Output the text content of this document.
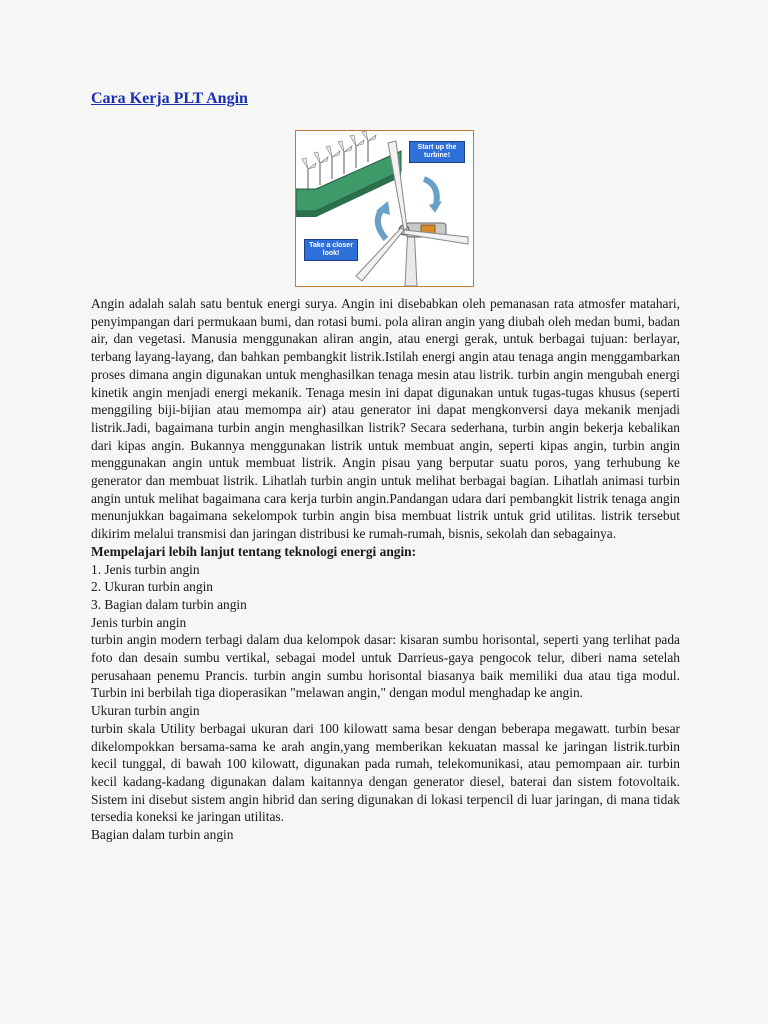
Cara Kerja PLT Angin
Start up the turbine!
Take a closer look!

Angin adalah salah satu bentuk energi surya. Angin ini disebabkan oleh pemanasan rata atmosfer matahari, penyimpangan dari permukaan bumi, dan rotasi bumi. pola aliran angin yang diubah oleh medan bumi, badan air, dan vegetasi. Manusia menggunakan aliran angin, atau energi gerak, untuk berbagai tujuan: berlayar, terbang layang-layang, dan bahkan pembangkit listrik.Istilah energi angin atau tenaga angin menggambarkan proses dimana angin digunakan untuk menghasilkan tenaga mesin atau listrik. turbin angin mengubah energi kinetik angin menjadi energi mekanik. Tenaga mesin ini dapat digunakan untuk tugas-tugas khusus (seperti menggiling biji-bijian atau memompa air) atau generator ini dapat mengkonversi daya mekanik menjadi listrik.Jadi, bagaimana turbin angin menghasilkan listrik? Secara sederhana, turbin angin bekerja kebalikan dari kipas angin. Bukannya menggunakan listrik untuk membuat angin, seperti kipas angin, turbin angin menggunakan angin untuk membuat listrik. Angin pisau yang berputar suatu poros, yang terhubung ke generator dan membuat listrik. Lihatlah turbin angin untuk melihat berbagai bagian. Lihatlah animasi turbin angin untuk melihat bagaimana cara kerja turbin angin.Pandangan udara dari pembangkit listrik tenaga angin menunjukkan bagaimana sekelompok turbin angin bisa membuat listrik untuk grid utilitas. listrik tersebut dikirim melalui transmisi dan jaringan distribusi ke rumah-rumah, bisnis, sekolah dan sebagainya.

Mempelajari lebih lanjut tentang teknologi energi angin:

1. Jenis turbin angin

2. Ukuran turbin angin

3. Bagian dalam turbin angin

Jenis turbin angin

turbin angin modern terbagi dalam dua kelompok dasar: kisaran sumbu horisontal, seperti yang terlihat pada foto dan desain sumbu vertikal, sebagai model untuk Darrieus-gaya pengocok telur, diberi nama setelah perusahaan penemu Prancis. turbin angin sumbu horisontal biasanya baik memiliki dua atau tiga modul. Turbin ini berbilah tiga dioperasikan "melawan angin," dengan modul menghadap ke angin.

Ukuran turbin angin

turbin skala Utility berbagai ukuran dari 100 kilowatt sama besar dengan beberapa megawatt. turbin besar dikelompokkan bersama-sama ke arah angin,yang memberikan kekuatan massal ke jaringan listrik.turbin kecil tunggal, di bawah 100 kilowatt, digunakan pada rumah, telekomunikasi, atau pemompaan air. turbin kecil kadang-kadang digunakan dalam kaitannya dengan generator diesel, baterai dan sistem fotovoltaik. Sistem ini disebut sistem angin hibrid dan sering digunakan di lokasi terpencil di luar jaringan, di mana tidak tersedia koneksi ke jaringan utilitas.

Bagian dalam turbin angin
